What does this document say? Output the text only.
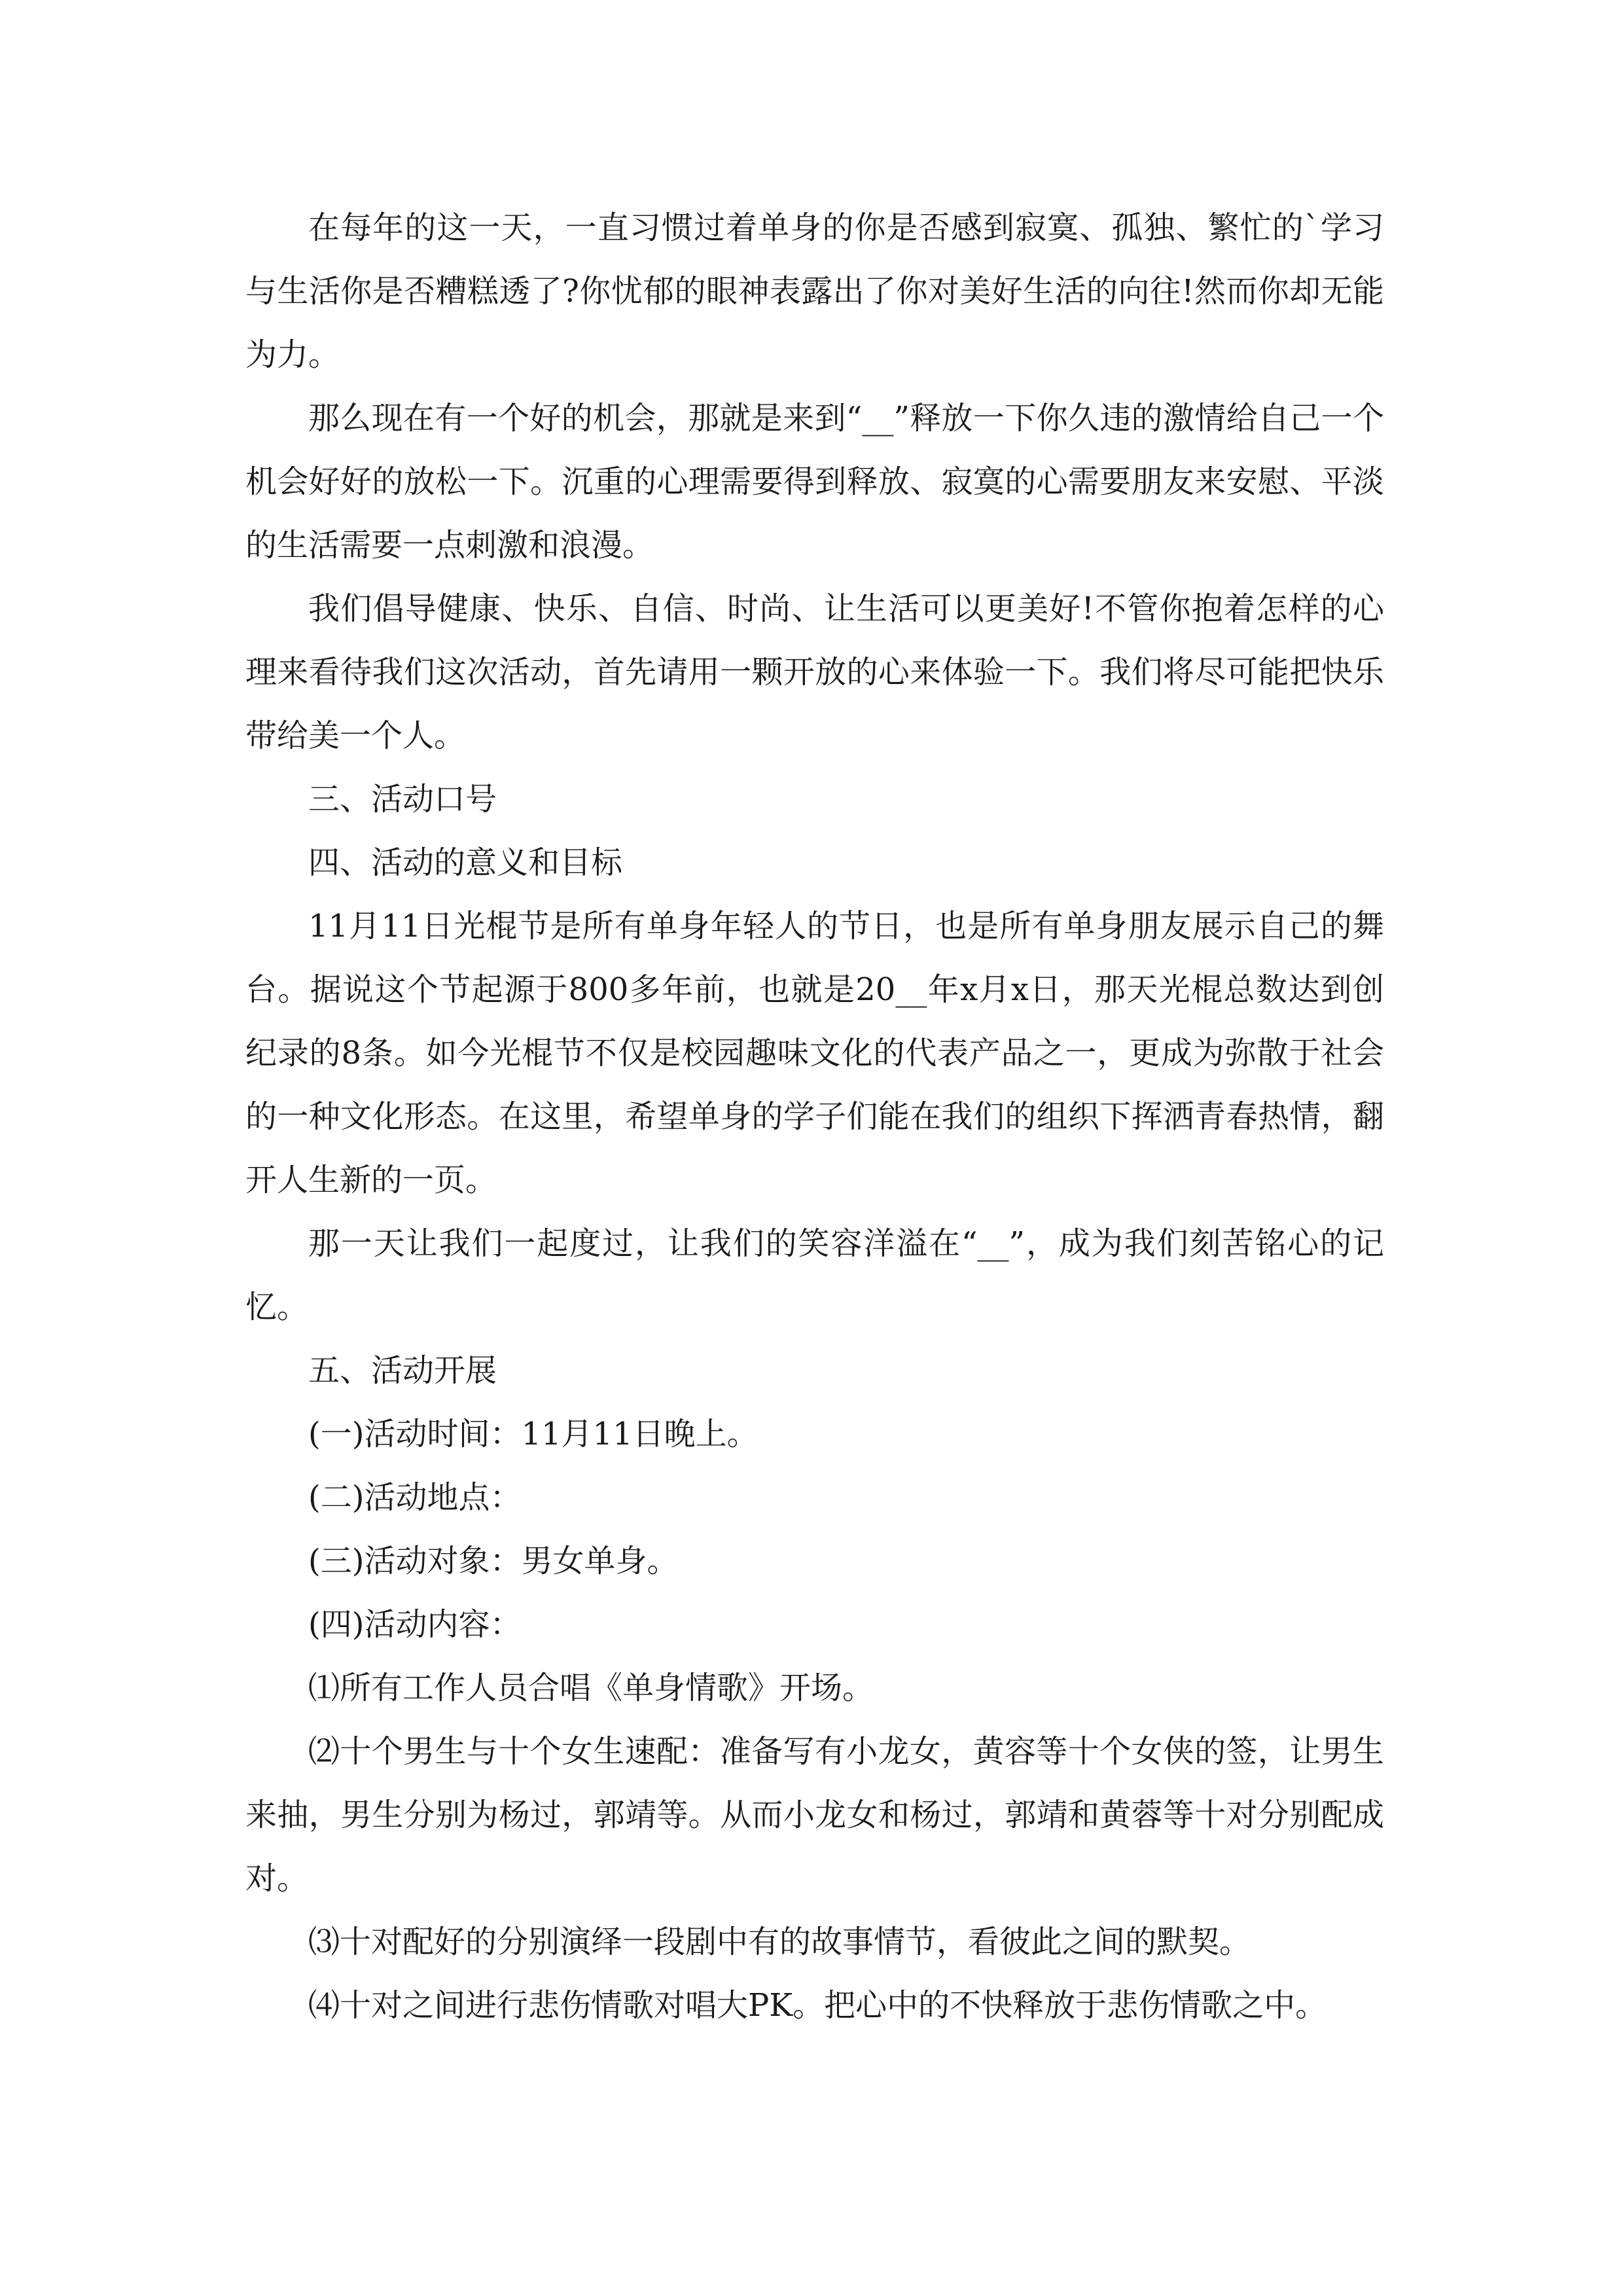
在每年的这一天，一直习惯过着单身的你是否感到寂寞、孤独、繁忙的`学习与生活你是否糟糕透了?你忧郁的眼神表露出了你对美好生活的向往!然而你却无能为力。

那么现在有一个好的机会，那就是来到“__”释放一下你久违的激情给自己一个机会好好的放松一下。沉重的心理需要得到释放、寂寞的心需要朋友来安慰、平淡的生活需要一点刺激和浪漫。

我们倡导健康、快乐、自信、时尚、让生活可以更美好!不管你抱着怎样的心理来看待我们这次活动，首先请用一颗开放的心来体验一下。我们将尽可能把快乐带给美一个人。

三、活动口号

四、活动的意义和目标

11月11日光棍节是所有单身年轻人的节日，也是所有单身朋友展示自己的舞台。据说这个节起源于800多年前，也就是20__年x月x日，那天光棍总数达到创纪录的8条。如今光棍节不仅是校园趣味文化的代表产品之一，更成为弥散于社会的一种文化形态。在这里，希望单身的学子们能在我们的组织下挥洒青春热情，翻开人生新的一页。

那一天让我们一起度过，让我们的笑容洋溢在“__”，成为我们刻苦铭心的记忆。

五、活动开展

(一)活动时间：11月11日晚上。

(二)活动地点：

(三)活动对象：男女单身。

(四)活动内容：

⑴所有工作人员合唱《单身情歌》开场。

⑵十个男生与十个女生速配：准备写有小龙女，黄容等十个女侠的签，让男生来抽，男生分别为杨过，郭靖等。从而小龙女和杨过，郭靖和黄蓉等十对分别配成对。

⑶十对配好的分别演绎一段剧中有的故事情节，看彼此之间的默契。

⑷十对之间进行悲伤情歌对唱大PK。把心中的不快释放于悲伤情歌之中。
